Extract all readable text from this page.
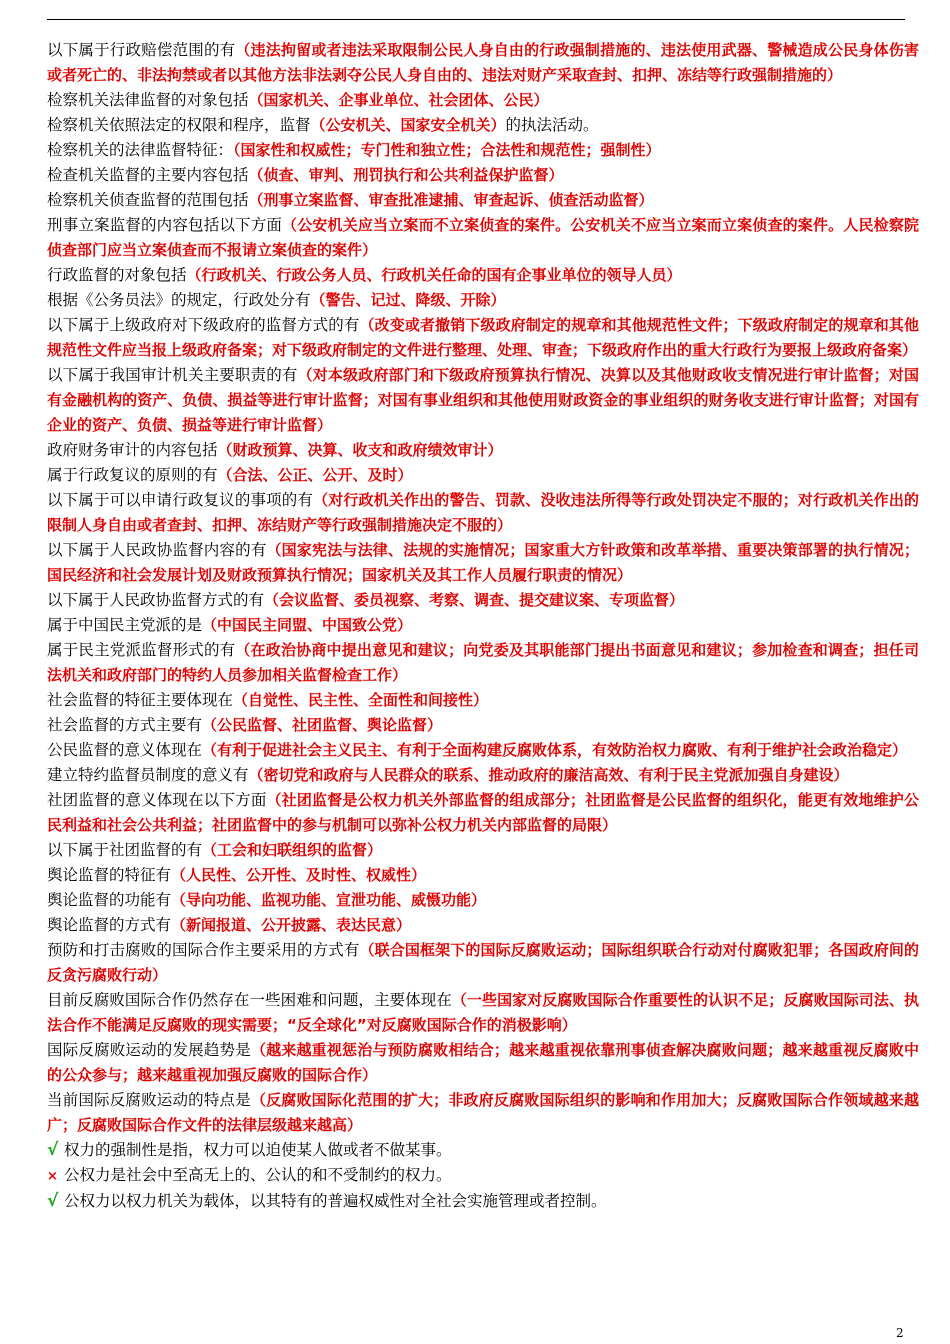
以下属于行政赔偿范围的有（违法拘留或者违法采取限制公民人身自由的行政强制措施的、违法使用武器、警械造成公民身体伤害或者死亡的、非法拘禁或者以其他方法非法剥夺公民人身自由的、违法对财产采取查封、扣押、冻结等行政强制措施的）

检察机关法律监督的对象包括（国家机关、企事业单位、社会团体、公民）

检察机关依照法定的权限和程序，监督（公安机关、国家安全机关）的执法活动。

检察机关的法律监督特征：（国家性和权威性；专门性和独立性；合法性和规范性；强制性）

检查机关监督的主要内容包括（侦查、审判、刑罚执行和公共利益保护监督）

检察机关侦查监督的范围包括（刑事立案监督、审查批准逮捕、审查起诉、侦查活动监督）

刑事立案监督的内容包括以下方面（公安机关应当立案而不立案侦查的案件。公安机关不应当立案而立案侦查的案件。人民检察院侦查部门应当立案侦查而不报请立案侦查的案件）

行政监督的对象包括（行政机关、行政公务人员、行政机关任命的国有企事业单位的领导人员）

根据《公务员法》的规定，行政处分有（警告、记过、降级、开除）

以下属于上级政府对下级政府的监督方式的有（改变或者撤销下级政府制定的规章和其他规范性文件；下级政府制定的规章和其他规范性文件应当报上级政府备案；对下级政府制定的文件进行整理、处理、审查；下级政府作出的重大行政行为要报上级政府备案）

以下属于我国审计机关主要职责的有（对本级政府部门和下级政府预算执行情况、决算以及其他财政收支情况进行审计监督；对国有金融机构的资产、负债、损益等进行审计监督；对国有事业组织和其他使用财政资金的事业组织的财务收支进行审计监督；对国有企业的资产、负债、损益等进行审计监督）

政府财务审计的内容包括（财政预算、决算、收支和政府绩效审计）

属于行政复议的原则的有（合法、公正、公开、及时）

以下属于可以申请行政复议的事项的有（对行政机关作出的警告、罚款、没收违法所得等行政处罚决定不服的；对行政机关作出的限制人身自由或者查封、扣押、冻结财产等行政强制措施决定不服的）

以下属于人民政协监督内容的有（国家宪法与法律、法规的实施情况；国家重大方针政策和改革举措、重要决策部署的执行情况；国民经济和社会发展计划及财政预算执行情况；国家机关及其工作人员履行职责的情况）

以下属于人民政协监督方式的有（会议监督、委员视察、考察、调查、提交建议案、专项监督）

属于中国民主党派的是（中国民主同盟、中国致公党）

属于民主党派监督形式的有（在政治协商中提出意见和建议；向党委及其职能部门提出书面意见和建议；参加检查和调查；担任司法机关和政府部门的特约人员参加相关监督检查工作）

社会监督的特征主要体现在（自觉性、民主性、全面性和间接性）

社会监督的方式主要有（公民监督、社团监督、舆论监督）

公民监督的意义体现在（有利于促进社会主义民主、有利于全面构建反腐败体系，有效防治权力腐败、有利于维护社会政治稳定）

建立特约监督员制度的意义有（密切党和政府与人民群众的联系、推动政府的廉洁高效、有利于民主党派加强自身建设）

社团监督的意义体现在以下方面（社团监督是公权力机关外部监督的组成部分；社团监督是公民监督的组织化，能更有效地维护公民利益和社会公共利益；社团监督中的参与机制可以弥补公权力机关内部监督的局限）

以下属于社团监督的有（工会和妇联组织的监督）

舆论监督的特征有（人民性、公开性、及时性、权威性）

舆论监督的功能有（导向功能、监视功能、宣泄功能、威慑功能）

舆论监督的方式有（新闻报道、公开披露、表达民意）

预防和打击腐败的国际合作主要采用的方式有（联合国框架下的国际反腐败运动；国际组织联合行动对付腐败犯罪；各国政府间的反贪污腐败行动）

目前反腐败国际合作仍然存在一些困难和问题，主要体现在（一些国家对反腐败国际合作重要性的认识不足；反腐败国际司法、执法合作不能满足反腐败的现实需要；“反全球化”对反腐败国际合作的消极影响）

国际反腐败运动的发展趋势是（越来越重视惩治与预防腐败相结合；越来越重视依靠刑事侦查解决腐败问题；越来越重视反腐败中的公众参与；越来越重视加强反腐败的国际合作）

当前国际反腐败运动的特点是（反腐败国际化范围的扩大；非政府反腐败国际组织的影响和作用加大；反腐败国际合作领域越来越广；反腐败国际合作文件的法律层级越来越高）

√ 权力的强制性是指，权力可以迫使某人做或者不做某事。

× 公权力是社会中至高无上的、公认的和不受制约的权力。

√ 公权力以权力机关为载体，以其特有的普遍权威性对全社会实施管理或者控制。

2
